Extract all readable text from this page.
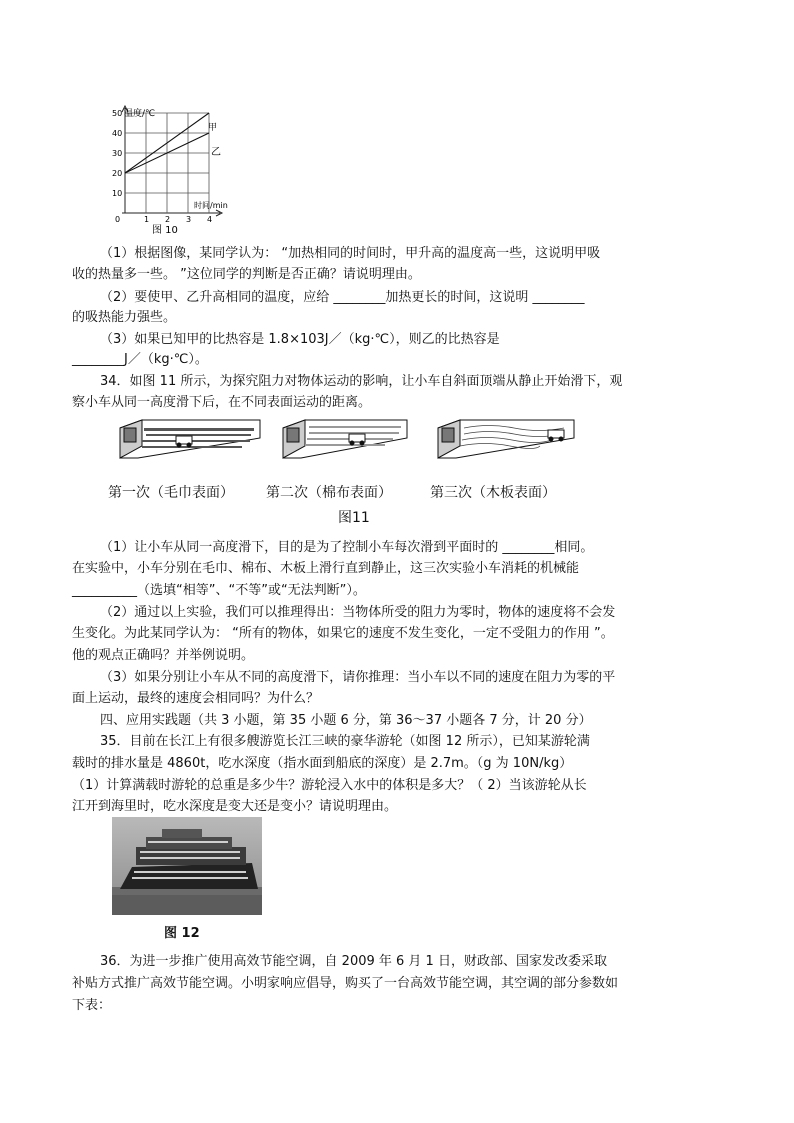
50
40
30
20
10
0	1 2 3 4
温度/℃
时间/min
甲
乙
图 10
（1）根据图像，某同学认为： “加热相同的时间时，甲升高的温度高一些，这说明甲吸
收的热量多一些。 ”这位同学的判断是否正确？请说明理由。
（2）要使甲、乙升高相同的温度，应给 ________加热更长的时间，这说明 ________
的吸热能力强些。
（3）如果已知甲的比热容是 1.8×103J／（kg·℃），则乙的比热容是
________J／（kg·℃）。
34．如图 11 所示，为探究阻力对物体运动的影响，让小车自斜面顶端从静止开始滑下，观
察小车从同一高度滑下后，在不同表面运动的距离。
第一次（毛巾表面） 第二次（棉布表面）	第三次（木板表面）
图11
（1）让小车从同一高度滑下，目的是为了控制小车每次滑到平面时的 ________相同。
在实验中，小车分别在毛巾、棉布、木板上滑行直到静止，这三次实验小车消耗的机械能
__________（选填“相等”、“不等”或“无法判断”）。
（2）通过以上实验，我们可以推理得出：当物体所受的阻力为零时，物体的速度将不会发
生变化。为此某同学认为： “所有的物体，如果它的速度不发生变化，一定不受阻力的作用 ”。
他的观点正确吗？并举例说明。
（3）如果分别让小车从不同的高度滑下，请你推理：当小车以不同的速度在阻力为零的平
面上运动，最终的速度会相同吗？为什么？
四、应用实践题（共 3 小题，第 35 小题 6 分，第 36～37 小题各 7 分，计 20 分）
35．目前在长江上有很多艘游览长江三峡的豪华游轮（如图 12 所示），已知某游轮满
载时的排水量是 4860t，吃水深度（指水面到船底的深度）是 2.7m。（g 为 10N/kg）
（1）计算满载时游轮的总重是多少牛？游轮浸入水中的体积是多大？（ 2）当该游轮从长
江开到海里时，吃水深度是变大还是变小？请说明理由。
图 12
36．为进一步推广使用高效节能空调，自 2009 年 6 月 1 日，财政部、国家发改委采取
补贴方式推广高效节能空调。小明家响应倡导，购买了一台高效节能空调，其空调的部分参数如
下表：
